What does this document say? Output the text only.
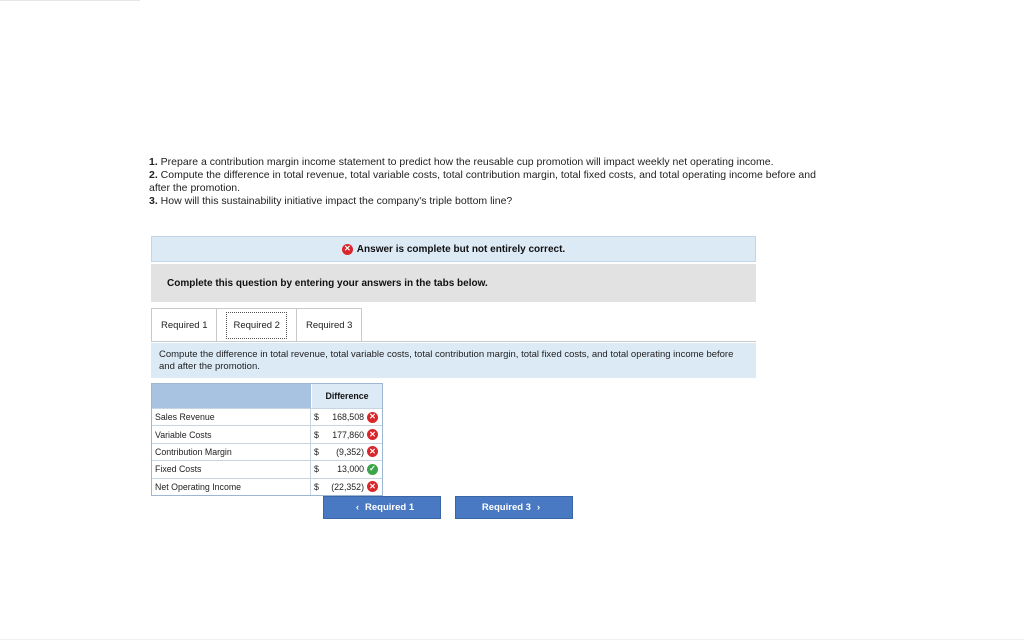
1. Prepare a contribution margin income statement to predict how the reusable cup promotion will impact weekly net operating income.

2. Compute the difference in total revenue, total variable costs, total contribution margin, total fixed costs, and total operating income before and after the promotion.

3. How will this sustainability initiative impact the company's triple bottom line?

✕ Answer is complete but not entirely correct.
Complete this question by entering your answers in the tabs below.
Required 1	Required 2	Required 3
Compute the difference in total revenue, total variable costs, total contribution margin, total fixed costs, and total operating income before and after the promotion.
Difference
Sales Revenue	$	168,508 ✕
Variable Costs	$	177,860 ✕
Contribution Margin	$	(9,352) ✕
Fixed Costs	$	13,000 ✓
Net Operating Income	$	(22,352) ✕
‹ Required 1	Required 3 ›
